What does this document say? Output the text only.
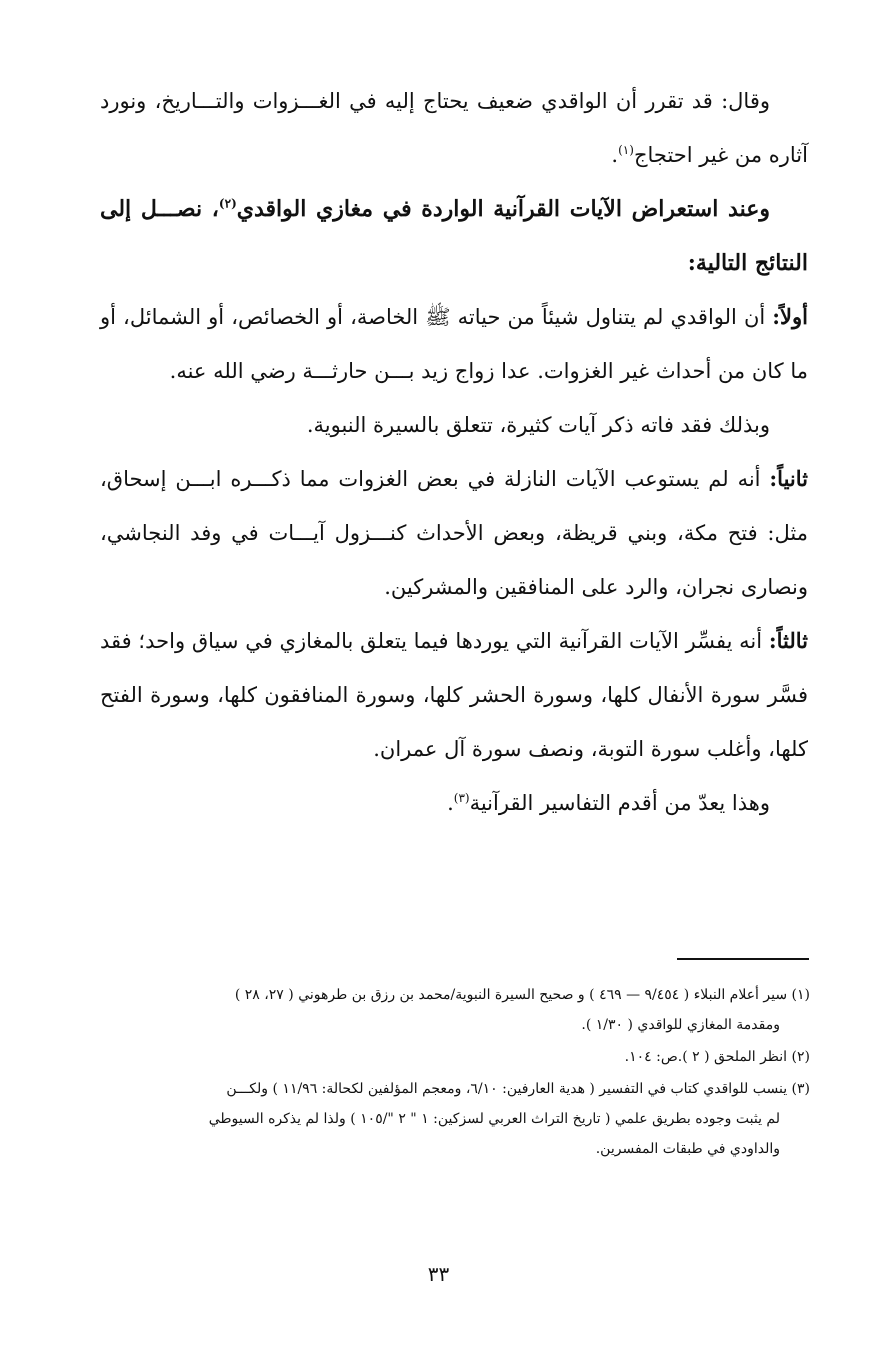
وقال: قد تقرر أن الواقدي ضعيف يحتاج إليه في الغـــزوات والتـــاريخ، ونورد آثاره من غير احتجاج$^{(١)}$.

وعند استعراض الآيات القرآنية الواردة في مغازي الواقدي$^{(٢)}$، نصـــل إلى النتائج التالية:

أولاً: أن الواقدي لم يتناول شيئاً من حياته ﷺ الخاصة، أو الخصائص، أو الشمائل، أو ما كان من أحداث غير الغزوات. عدا زواج زيد بـــن حارثـــة رضي الله عنه.

وبذلك فقد فاته ذكر آيات كثيرة، تتعلق بالسيرة النبوية.

ثانياً: أنه لم يستوعب الآيات النازلة في بعض الغزوات مما ذكـــره ابـــن إسحاق، مثل: فتح مكة، وبني قريظة، وبعض الأحداث كنـــزول آيـــات في وفد النجاشي، ونصارى نجران، والرد على المنافقين والمشركين.

ثالثاً: أنه يفسِّر الآيات القرآنية التي يوردها فيما يتعلق بالمغازي في سياق واحد؛ فقد فسَّر سورة الأنفال كلها، وسورة الحشر كلها، وسورة المنافقون كلها، وسورة الفتح كلها، وأغلب سورة التوبة، ونصف سورة آل عمران.

وهذا يعدّ من أقدم التفاسير القرآنية$^{(٣)}$.

(١) سير أعلام النبلاء ( ٩/٤٥٤ — ٤٦٩ ) و صحيح السيرة النبوية/محمد بن رزق بن طرهوني ( ٢٧، ٢٨ )
ومقدمة المغازي للواقدي ( ١/٣٠ ).

(٢) انظر الملحق ( ٢ ).ص: ١٠٤.

(٣) ينسب للواقدي كتاب في التفسير ( هدية العارفين: ٦/١٠، ومعجم المؤلفين لكحالة: ١١/٩٦ ) ولكـــن
لم يثبت وجوده بطريق علمي ( تاريخ التراث العربي لسزكين: ١ " ٢ "/١٠٥ ) ولذا لم يذكره السيوطي
والداودي في طبقات المفسرين.

٣٣
